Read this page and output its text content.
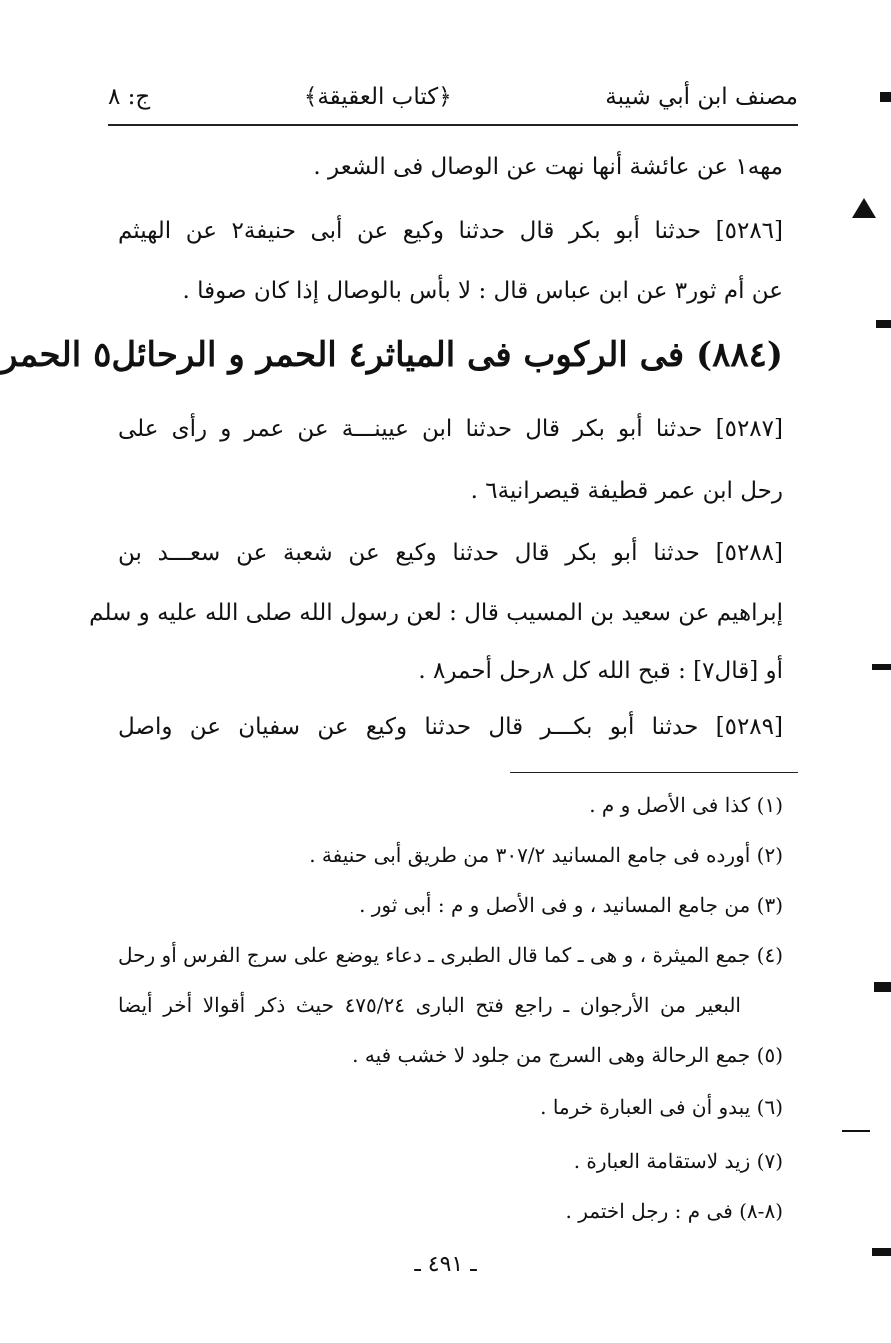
مصنف ابن أبي شيبة
﴿كتاب العقيقة﴾
ج: ٨
مهه١ عن عائشة أنها نهت عن الوصال فى الشعر .
[٥٢٨٦] حدثنا أبو بكر قال حدثنا وكيع عن أبى حنيفة٢ عن الهيثم
عن أم ثور٣ عن ابن عباس قال : لا بأس بالوصال إذا كان صوفا .
(٨٨٤) فى الركوب فى المياثر٤ الحمر و الرحائل٥ الحمر
[٥٢٨٧] حدثنا أبو بكر قال حدثنا ابن عيينـــة عن عمر و رأى على
رحل ابن عمر قطيفة قيصرانية٦ .
[٥٢٨٨] حدثنا أبو بكر قال حدثنا وكيع عن شعبة عن سعـــد بن
إبراهيم عن سعيد بن المسيب قال : لعن رسول الله صلى الله عليه و سلم
أو [قال٧] : قبح الله كل ٨رحل أحمر٨ .
[٥٢٨٩] حدثنا أبو بكـــر قال حدثنا وكيع عن سفيان عن واصل
(١) كذا فى الأصل و م .
(٢) أورده فى جامع المسانيد ٣٠٧/٢ من طريق أبى حنيفة .
(٣) من جامع المسانيد ، و فى الأصل و م : أبى ثور .
(٤) جمع الميثرة ، و هى ـ كما قال الطبرى ـ دعاء يوضع على سرج الفرس أو رحل
البعير من الأرجوان ـ راجع فتح البارى ٤٧٥/٢٤ حيث ذكر أقوالا أخر أيضا
(٥) جمع الرحالة وهى السرج من جلود لا خشب فيه .
(٦) يبدو أن فى العبارة خرما .
(٧) زيد لاستقامة العبارة .
(٨-٨) فى م : رجل اختمر .
ـ ٤٩١ ـ
